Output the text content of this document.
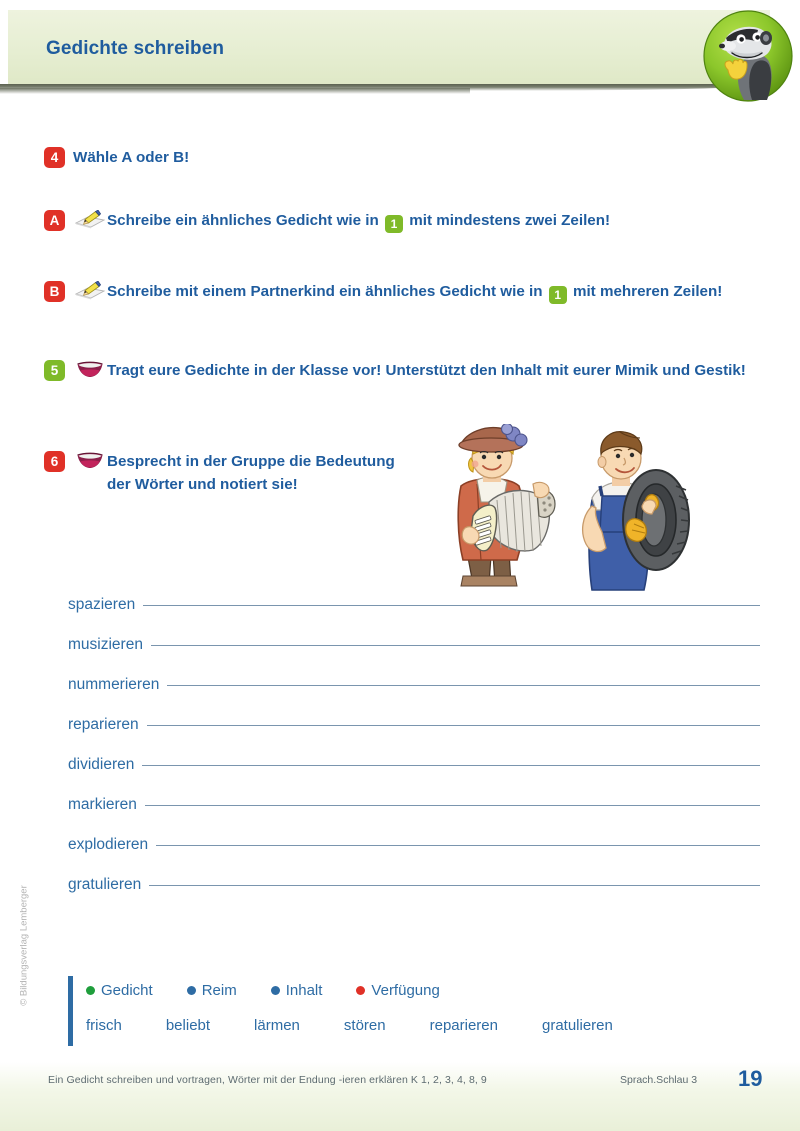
Gedichte schreiben
4 Wähle A oder B!
A	Schreibe ein ähnliches Gedicht wie in 1 mit mindestens zwei Zeilen!
B	Schreibe mit einem Partnerkind ein ähnliches Gedicht wie in 1 mit mehreren Zeilen!
5	Tragt eure Gedichte in der Klasse vor! Unterstützt den Inhalt mit eurer Mimik und Gestik!
6	Besprecht in der Gruppe die Bedeutung der Wörter und notiert sie!
spazieren
musizieren
nummerieren
reparieren
dividieren
markieren
explodieren
gratulieren
Gedicht	Reim	Inhalt	Verfügung
frisch	beliebt	lärmen	stören	reparieren	gratulieren
© Bildungsverlag Lemberger
Ein Gedicht schreiben und vortragen, Wörter mit der Endung -ieren erklären K 1, 2, 3, 4, 8, 9	Sprach.Schlau 3 19
